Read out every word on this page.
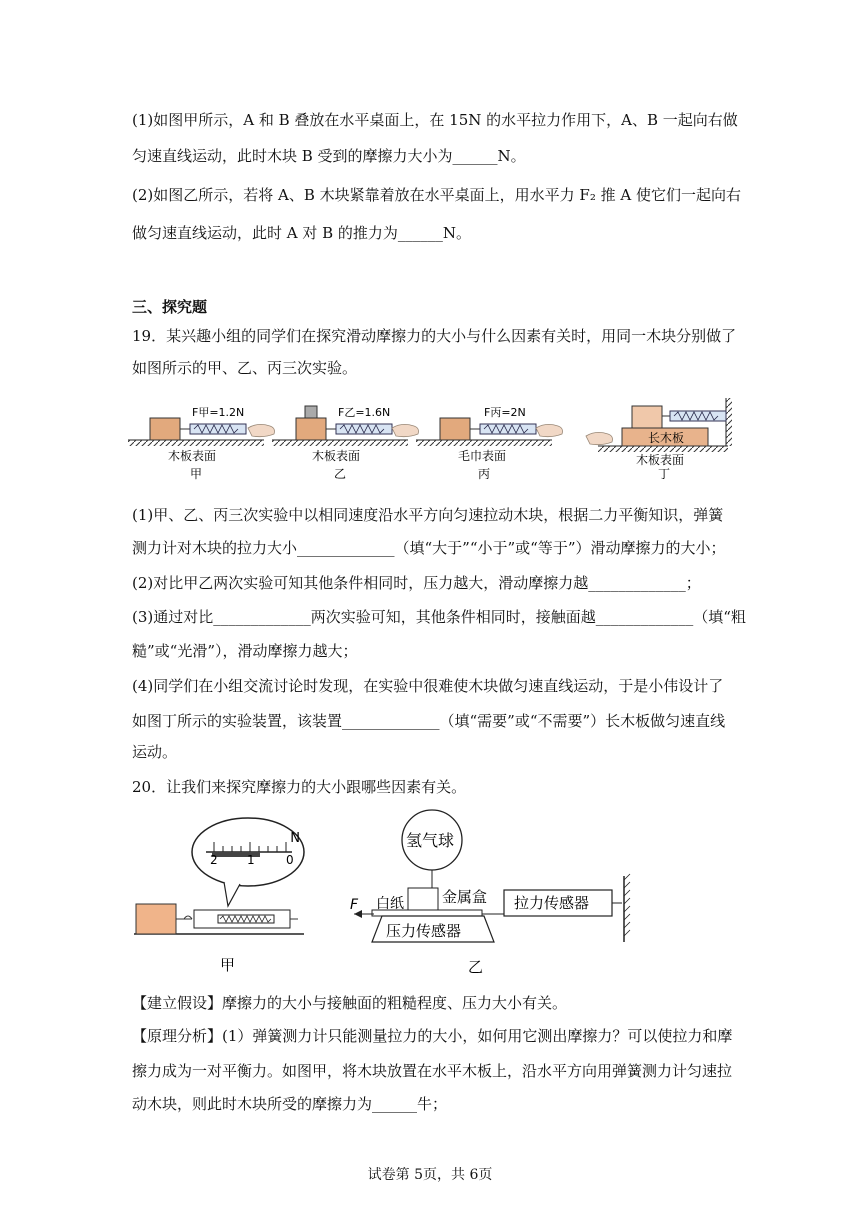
(1)如图甲所示，A 和 B 叠放在水平桌面上，在 15N 的水平拉力作用下，A、B 一起向右做
匀速直线运动，此时木块 B 受到的摩擦力大小为______N。
(2)如图乙所示，若将 A、B 木块紧靠着放在水平桌面上，用水平力 F₂ 推 A 使它们一起向右
做匀速直线运动，此时 A 对 B 的推力为______N。
三、探究题
19．某兴趣小组的同学们在探究滑动摩擦力的大小与什么因素有关时，用同一木块分别做了
如图所示的甲、乙、丙三次实验。
F甲=1.2N
木板表面
甲
F乙=1.6N
木板表面
乙
F丙=2N
毛巾表面
丙
长木板
木板表面
丁
(1)甲、乙、丙三次实验中以相同速度沿水平方向匀速拉动木块，根据二力平衡知识，弹簧
测力计对木块的拉力大小_____________（填“大于”“小于”或“等于”）滑动摩擦力的大小；
(2)对比甲乙两次实验可知其他条件相同时，压力越大，滑动摩擦力越_____________；
(3)通过对比_____________两次实验可知，其他条件相同时，接触面越_____________（填“粗
糙”或“光滑”），滑动摩擦力越大；
(4)同学们在小组交流讨论时发现，在实验中很难使木块做匀速直线运动，于是小伟设计了
如图丁所示的实验装置，该装置_____________（填“需要”或“不需要”）长木板做匀速直线
运动。
20．让我们来探究摩擦力的大小跟哪些因素有关。
N
0
1
2
甲
氢气球
金属盒
F 白纸
压力传感器
拉力传感器
乙
【建立假设】摩擦力的大小与接触面的粗糙程度、压力大小有关。
【原理分析】(1）弹簧测力计只能测量拉力的大小，如何用它测出摩擦力？可以使拉力和摩
擦力成为一对平衡力。如图甲，将木块放置在水平木板上，沿水平方向用弹簧测力计匀速拉
动木块，则此时木块所受的摩擦力为______牛；
试卷第 5页，共 6页
